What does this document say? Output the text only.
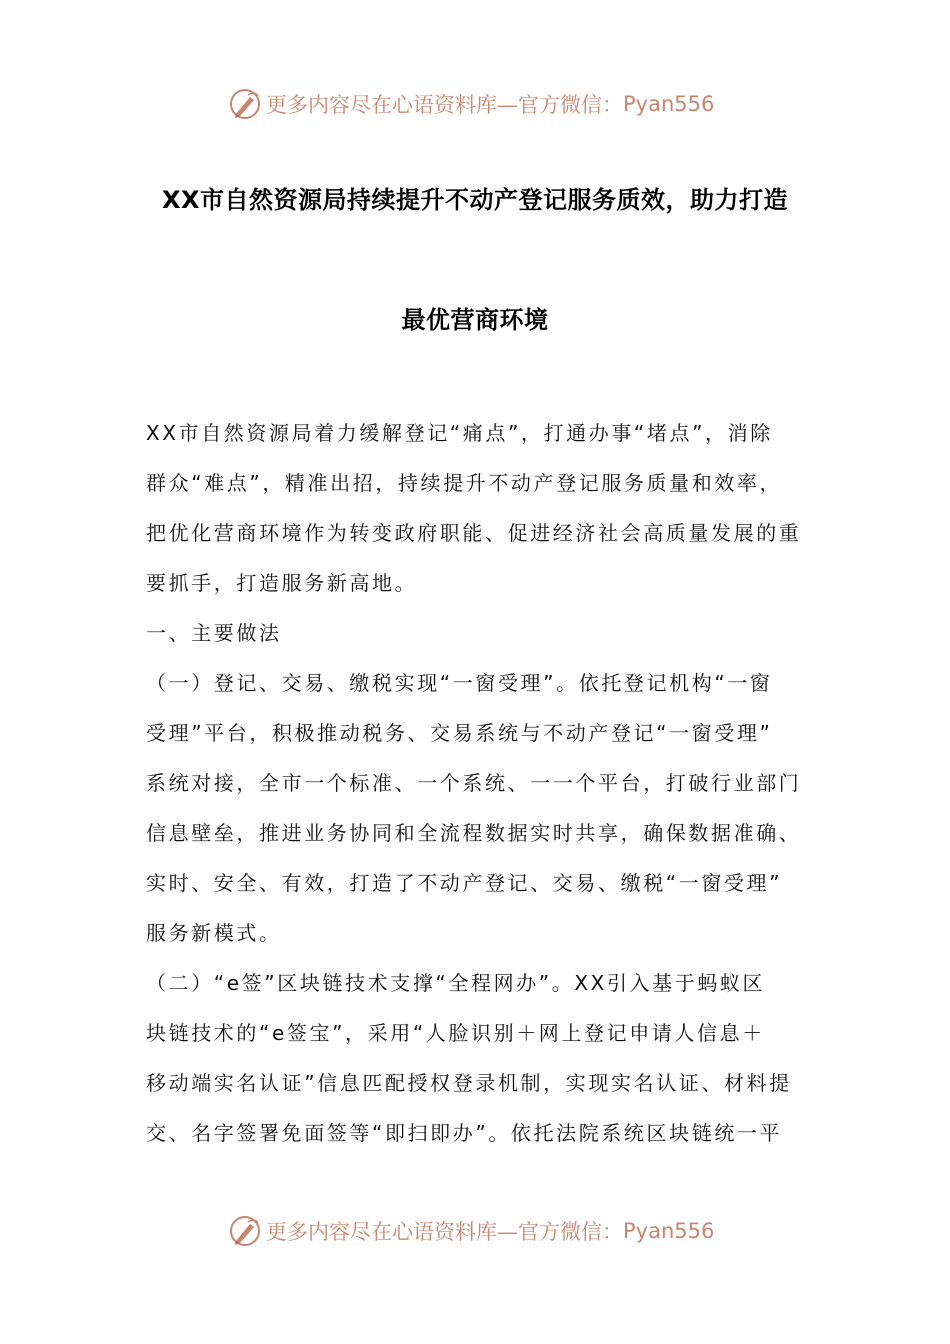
更多内容尽在心语资料库—官方微信： Pyan556
XX市自然资源局持续提升不动产登记服务质效，助力打造
最优营商环境
XX市自然资源局着力缓解登记“痛点”，打通办事“堵点”，消除
群众“难点”，精准出招，持续提升不动产登记服务质量和效率，
把优化营商环境作为转变政府职能、促进经济社会高质量发展的重
要抓手，打造服务新高地。
一、主要做法
（一）登记、交易、缴税实现“一窗受理”。依托登记机构“一窗
受理”平台，积极推动税务、交易系统与不动产登记“一窗受理”
系统对接，全市一个标准、一个系统、一一个平台，打破行业部门
信息壁垒，推进业务协同和全流程数据实时共享，确保数据准确、
实时、安全、有效，打造了不动产登记、交易、缴税“一窗受理”
服务新模式。
（二）“e签”区块链技术支撑“全程网办”。XX引入基于蚂蚁区
块链技术的“e签宝”，采用“人脸识别＋网上登记申请人信息＋
移动端实名认证”信息匹配授权登录机制，实现实名认证、材料提
交、名字签署免面签等“即扫即办”。依托法院系统区块链统一平
更多内容尽在心语资料库—官方微信： Pyan556
